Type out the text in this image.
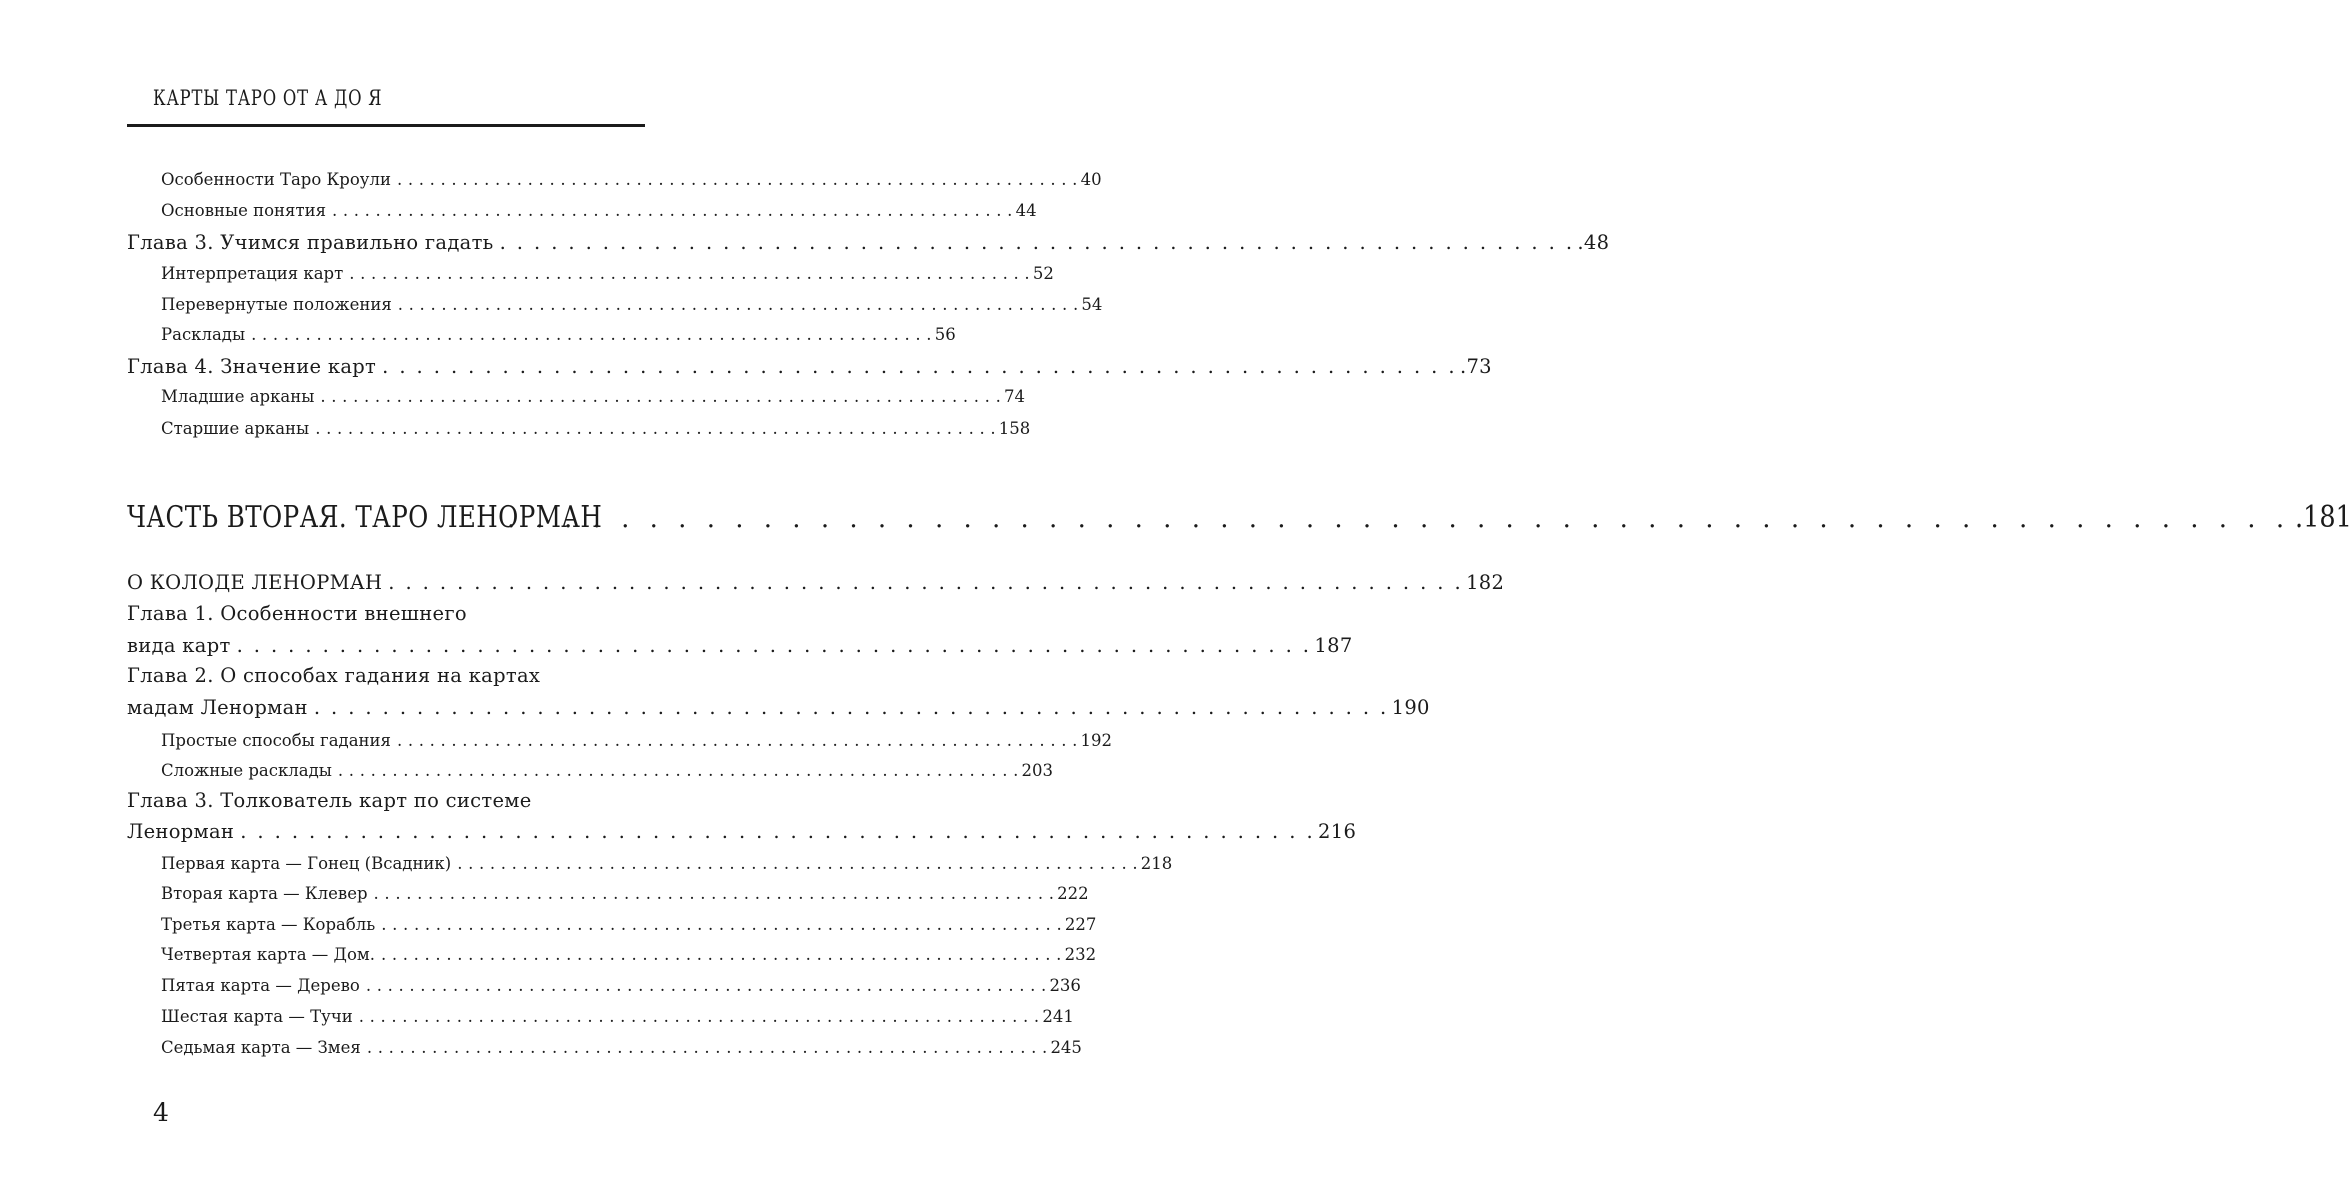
КАРТЫ ТАРО ОТ А ДО Я
Особенности Таро Кроули . . . . . . . . . . . . . . . . . . . . . . . . . . . . . . . . . . . . . . . . . . . . . . . . . . . . . . . . . . . . . . . 40
Основные понятия . . . . . . . . . . . . . . . . . . . . . . . . . . . . . . . . . . . . . . . . . . . . . . . . . . . . . . . . . . . . . . . 44
Глава 3. Учимся правильно гадать . . . . . . . . . . . . . . . . . . . . . . . . . . . . . . . . . . . . . . . . . . . . . . . . . . . . . . . . . . . . . . . .48
Интерпретация карт . . . . . . . . . . . . . . . . . . . . . . . . . . . . . . . . . . . . . . . . . . . . . . . . . . . . . . . . . . . . . . . 52
Перевернутые положения . . . . . . . . . . . . . . . . . . . . . . . . . . . . . . . . . . . . . . . . . . . . . . . . . . . . . . . . . . . . . . . 54
Расклады . . . . . . . . . . . . . . . . . . . . . . . . . . . . . . . . . . . . . . . . . . . . . . . . . . . . . . . . . . . . . . . 56
Глава 4. Значение карт . . . . . . . . . . . . . . . . . . . . . . . . . . . . . . . . . . . . . . . . . . . . . . . . . . . . . . . . . . . . . . . .73
Младшие арканы . . . . . . . . . . . . . . . . . . . . . . . . . . . . . . . . . . . . . . . . . . . . . . . . . . . . . . . . . . . . . . . 74
Старшие арканы . . . . . . . . . . . . . . . . . . . . . . . . . . . . . . . . . . . . . . . . . . . . . . . . . . . . . . . . . . . . . . . 158
ЧАСТЬ ВТОРАЯ. ТАРО ЛЕНОРМАН
. . . . . . . . . . . . . . . . . . . . . . . . . . . . . . . . . . . . . . . . . . . . . . . . . . . . . . . . . . . . . . . .181
О КОЛОДЕ ЛЕНОРМАН . . . . . . . . . . . . . . . . . . . . . . . . . . . . . . . . . . . . . . . . . . . . . . . . . . . . . . . . . . . . . . . 182
Глава 1. Особенности внешнего
вида карт . . . . . . . . . . . . . . . . . . . . . . . . . . . . . . . . . . . . . . . . . . . . . . . . . . . . . . . . . . . . . . . 187
Глава 2. О способах гадания на картах
мадам Ленорман . . . . . . . . . . . . . . . . . . . . . . . . . . . . . . . . . . . . . . . . . . . . . . . . . . . . . . . . . . . . . . . 190
Простые способы гадания . . . . . . . . . . . . . . . . . . . . . . . . . . . . . . . . . . . . . . . . . . . . . . . . . . . . . . . . . . . . . . . 192
Сложные расклады . . . . . . . . . . . . . . . . . . . . . . . . . . . . . . . . . . . . . . . . . . . . . . . . . . . . . . . . . . . . . . . 203
Глава 3. Толкователь карт по системе
Ленорман . . . . . . . . . . . . . . . . . . . . . . . . . . . . . . . . . . . . . . . . . . . . . . . . . . . . . . . . . . . . . . . 216
Первая карта — Гонец (Всадник) . . . . . . . . . . . . . . . . . . . . . . . . . . . . . . . . . . . . . . . . . . . . . . . . . . . . . . . . . . . . . . . 218
Вторая карта — Клевер . . . . . . . . . . . . . . . . . . . . . . . . . . . . . . . . . . . . . . . . . . . . . . . . . . . . . . . . . . . . . . . 222
Третья карта — Корабль . . . . . . . . . . . . . . . . . . . . . . . . . . . . . . . . . . . . . . . . . . . . . . . . . . . . . . . . . . . . . . . 227
Четвертая карта — Дом. . . . . . . . . . . . . . . . . . . . . . . . . . . . . . . . . . . . . . . . . . . . . . . . . . . . . . . . . . . . . . . . 232
Пятая карта — Дерево . . . . . . . . . . . . . . . . . . . . . . . . . . . . . . . . . . . . . . . . . . . . . . . . . . . . . . . . . . . . . . . 236
Шестая карта — Тучи . . . . . . . . . . . . . . . . . . . . . . . . . . . . . . . . . . . . . . . . . . . . . . . . . . . . . . . . . . . . . . . 241
Седьмая карта — Змея . . . . . . . . . . . . . . . . . . . . . . . . . . . . . . . . . . . . . . . . . . . . . . . . . . . . . . . . . . . . . . . 245
4
